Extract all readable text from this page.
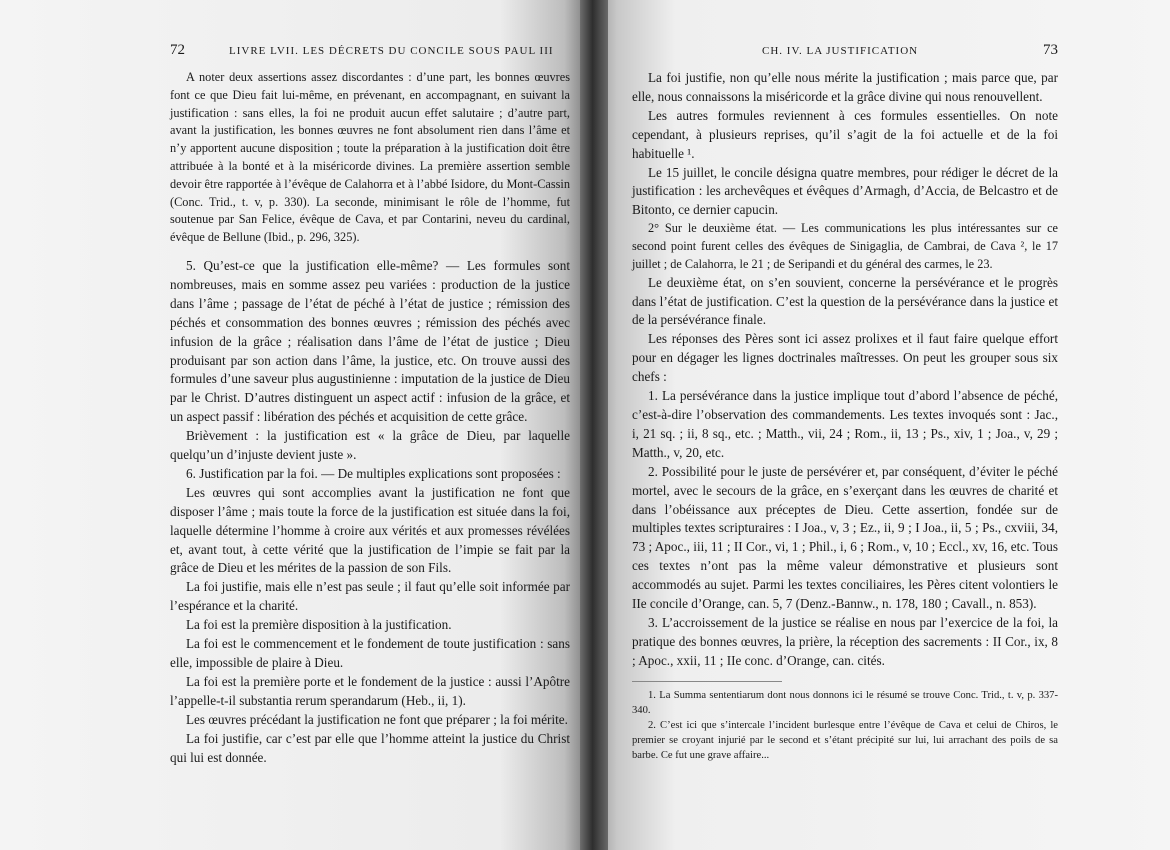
72	LIVRE LVII. LES DÉCRETS DU CONCILE SOUS PAUL III

A noter deux assertions assez discordantes : d’une part, les bonnes œuvres font ce que Dieu fait lui-même, en prévenant, en accompagnant, en suivant la justification : sans elles, la foi ne produit aucun effet salutaire ; d’autre part, avant la justification, les bonnes œuvres ne font absolument rien dans l’âme et n’y apportent aucune disposition ; toute la préparation à la justification doit être attribuée à la bonté et à la miséricorde divines. La première assertion semble devoir être rapportée à l’évêque de Calahorra et à l’abbé Isidore, du Mont-Cassin (Conc. Trid., t. v, p. 330). La seconde, minimisant le rôle de l’homme, fut soutenue par San Felice, évêque de Cava, et par Contarini, neveu du cardinal, évêque de Bellune (Ibid., p. 296, 325).

5. Qu’est-ce que la justification elle-même? — Les formules sont nombreuses, mais en somme assez peu variées : production de la justice dans l’âme ; passage de l’état de péché à l’état de justice ; rémission des péchés et consommation des bonnes œuvres ; rémission des péchés avec infusion de la grâce ; réalisation dans l’âme de l’état de justice ; Dieu produisant par son action dans l’âme, la justice, etc. On trouve aussi des formules d’une saveur plus augustinienne : imputation de la justice de Dieu par le Christ. D’autres distinguent un aspect actif : infusion de la grâce, et un aspect passif : libération des péchés et acquisition de cette grâce.

Brièvement : la justification est « la grâce de Dieu, par laquelle quelqu’un d’injuste devient juste ».

6. Justification par la foi. — De multiples explications sont proposées :

Les œuvres qui sont accomplies avant la justification ne font que disposer l’âme ; mais toute la force de la justification est située dans la foi, laquelle détermine l’homme à croire aux vérités et aux promesses révélées et, avant tout, à cette vérité que la justification de l’impie se fait par la grâce de Dieu et les mérites de la passion de son Fils.

La foi justifie, mais elle n’est pas seule ; il faut qu’elle soit informée par l’espérance et la charité.

La foi est la première disposition à la justification.

La foi est le commencement et le fondement de toute justification : sans elle, impossible de plaire à Dieu.

La foi est la première porte et le fondement de la justice : aussi l’Apôtre l’appelle-t-il substantia rerum sperandarum (Heb., ii, 1).

Les œuvres précédant la justification ne font que préparer ; la foi mérite.

La foi justifie, car c’est par elle que l’homme atteint la justice du Christ qui lui est donnée.

CH. IV. LA JUSTIFICATION	73

La foi justifie, non qu’elle nous mérite la justification ; mais parce que, par elle, nous connaissons la miséricorde et la grâce divine qui nous renouvellent.

Les autres formules reviennent à ces formules essentielles. On note cependant, à plusieurs reprises, qu’il s’agit de la foi actuelle et de la foi habituelle ¹.

Le 15 juillet, le concile désigna quatre membres, pour rédiger le décret de la justification : les archevêques et évêques d’Armagh, d’Accia, de Belcastro et de Bitonto, ce dernier capucin.

2° Sur le deuxième état. — Les communications les plus intéressantes sur ce second point furent celles des évêques de Sinigaglia, de Cambrai, de Cava ², le 17 juillet ; de Calahorra, le 21 ; de Seripandi et du général des carmes, le 23.

Le deuxième état, on s’en souvient, concerne la persévérance et le progrès dans l’état de justification. C’est la question de la persévérance dans la justice et de la persévérance finale.

Les réponses des Pères sont ici assez prolixes et il faut faire quelque effort pour en dégager les lignes doctrinales maîtresses. On peut les grouper sous six chefs :

1. La persévérance dans la justice implique tout d’abord l’absence de péché, c’est-à-dire l’observation des commandements. Les textes invoqués sont : Jac., i, 21 sq. ; ii, 8 sq., etc. ; Matth., vii, 24 ; Rom., ii, 13 ; Ps., xiv, 1 ; Joa., v, 29 ; Matth., v, 20, etc.

2. Possibilité pour le juste de persévérer et, par conséquent, d’éviter le péché mortel, avec le secours de la grâce, en s’exerçant dans les œuvres de charité et dans l’obéissance aux préceptes de Dieu. Cette assertion, fondée sur de multiples textes scripturaires : I Joa., v, 3 ; Ez., ii, 9 ; I Joa., ii, 5 ; Ps., cxviii, 34, 73 ; Apoc., iii, 11 ; II Cor., vi, 1 ; Phil., i, 6 ; Rom., v, 10 ; Eccl., xv, 16, etc. Tous ces textes n’ont pas la même valeur démonstrative et plusieurs sont accommodés au sujet. Parmi les textes conciliaires, les Pères citent volontiers le IIe concile d’Orange, can. 5, 7 (Denz.-Bannw., n. 178, 180 ; Cavall., n. 853).

3. L’accroissement de la justice se réalise en nous par l’exercice de la foi, la pratique des bonnes œuvres, la prière, la réception des sacrements : II Cor., ix, 8 ; Apoc., xxii, 11 ; IIe conc. d’Orange, can. cités.

1. La Summa sententiarum dont nous donnons ici le résumé se trouve Conc. Trid., t. v, p. 337-340.

2. C’est ici que s’intercale l’incident burlesque entre l’évêque de Cava et celui de Chiros, le premier se croyant injurié par le second et s’étant précipité sur lui, lui arrachant des poils de sa barbe. Ce fut une grave affaire...
